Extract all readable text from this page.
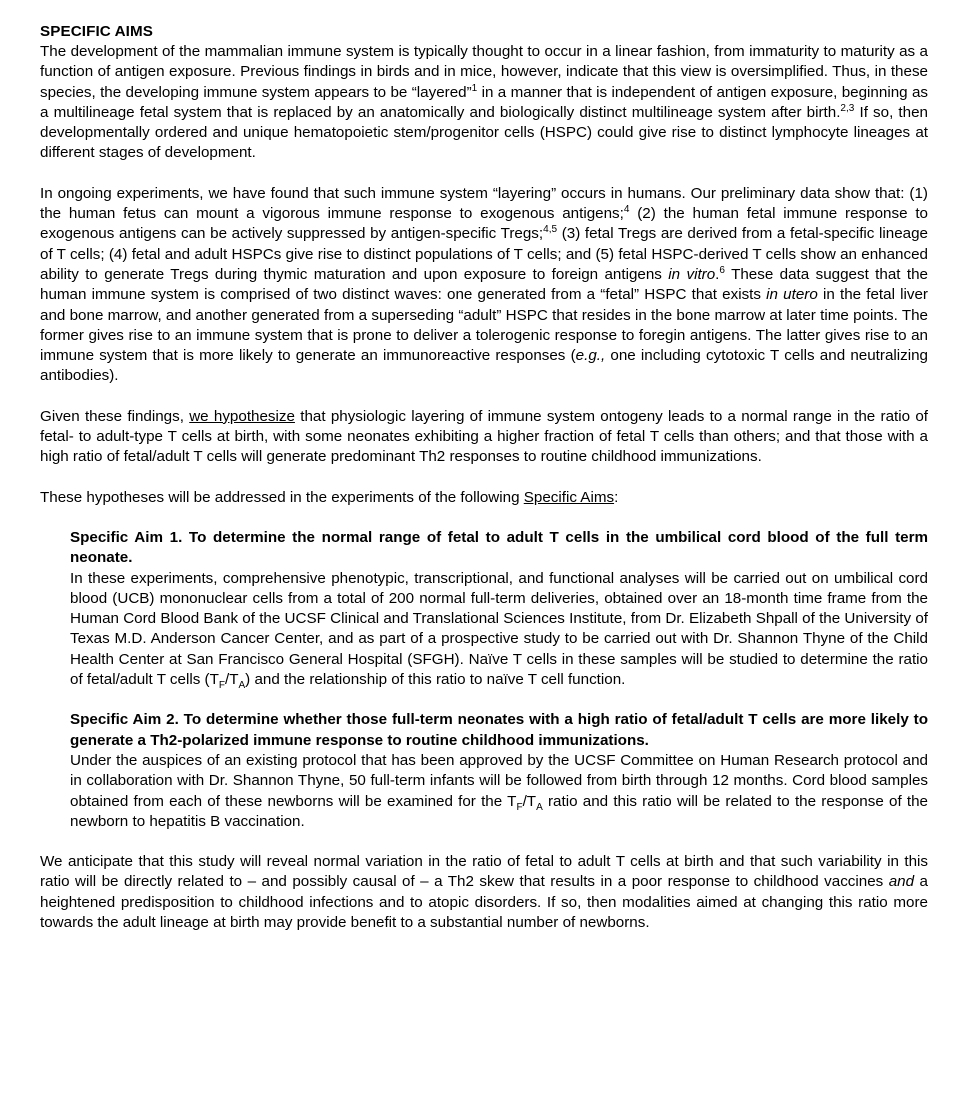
SPECIFIC AIMS

The development of the mammalian immune system is typically thought to occur in a linear fashion, from immaturity to maturity as a function of antigen exposure. Previous findings in birds and in mice, however, indicate that this view is oversimplified. Thus, in these species, the developing immune system appears to be “layered”$^1$ in a manner that is independent of antigen exposure, beginning as a multilineage fetal system that is replaced by an anatomically and biologically distinct multilineage system after birth.$^{2,3}$ If so, then developmentally ordered and unique hematopoietic stem/progenitor cells (HSPC) could give rise to distinct lymphocyte lineages at different stages of development.

In ongoing experiments, we have found that such immune system “layering” occurs in humans. Our preliminary data show that: (1) the human fetus can mount a vigorous immune response to exogenous antigens;$^4$ (2) the human fetal immune response to exogenous antigens can be actively suppressed by antigen-specific Tregs;$^{4,5}$ (3) fetal Tregs are derived from a fetal-specific lineage of T cells; (4) fetal and adult HSPCs give rise to distinct populations of T cells; and (5) fetal HSPC-derived T cells show an enhanced ability to generate Tregs during thymic maturation and upon exposure to foreign antigens in vitro.$^6$ These data suggest that the human immune system is comprised of two distinct waves: one generated from a “fetal” HSPC that exists in utero in the fetal liver and bone marrow, and another generated from a superseding “adult” HSPC that resides in the bone marrow at later time points. The former gives rise to an immune system that is prone to deliver a tolerogenic response to foregin antigens. The latter gives rise to an immune system that is more likely to generate an immunoreactive responses (e.g., one including cytotoxic T cells and neutralizing antibodies).

Given these findings, we hypothesize that physiologic layering of immune system ontogeny leads to a normal range in the ratio of fetal- to adult-type T cells at birth, with some neonates exhibiting a higher fraction of fetal T cells than others; and that those with a high ratio of fetal/adult T cells will generate predominant Th2 responses to routine childhood immunizations.

These hypotheses will be addressed in the experiments of the following Specific Aims:

Specific Aim 1. To determine the normal range of fetal to adult T cells in the umbilical cord blood of the full term neonate.

In these experiments, comprehensive phenotypic, transcriptional, and functional analyses will be carried out on umbilical cord blood (UCB) mononuclear cells from a total of 200 normal full-term deliveries, obtained over an 18-month time frame from the Human Cord Blood Bank of the UCSF Clinical and Translational Sciences Institute, from Dr. Elizabeth Shpall of the University of Texas M.D. Anderson Cancer Center, and as part of a prospective study to be carried out with Dr. Shannon Thyne of the Child Health Center at San Francisco General Hospital (SFGH). Naïve T cells in these samples will be studied to determine the ratio of fetal/adult T cells $(T_F/T_A)$ and the relationship of this ratio to naïve T cell function.

Specific Aim 2. To determine whether those full-term neonates with a high ratio of fetal/adult T cells are more likely to generate a Th2-polarized immune response to routine childhood immunizations.

Under the auspices of an existing protocol that has been approved by the UCSF Committee on Human Research protocol and in collaboration with Dr. Shannon Thyne, 50 full-term infants will be followed from birth through 12 months. Cord blood samples obtained from each of these newborns will be examined for the $T_F/T_A$ ratio and this ratio will be related to the response of the newborn to hepatitis B vaccination.

We anticipate that this study will reveal normal variation in the ratio of fetal to adult T cells at birth and that such variability in this ratio will be directly related to – and possibly causal of – a Th2 skew that results in a poor response to childhood vaccines and a heightened predisposition to childhood infections and to atopic disorders. If so, then modalities aimed at changing this ratio more towards the adult lineage at birth may provide benefit to a substantial number of newborns.
